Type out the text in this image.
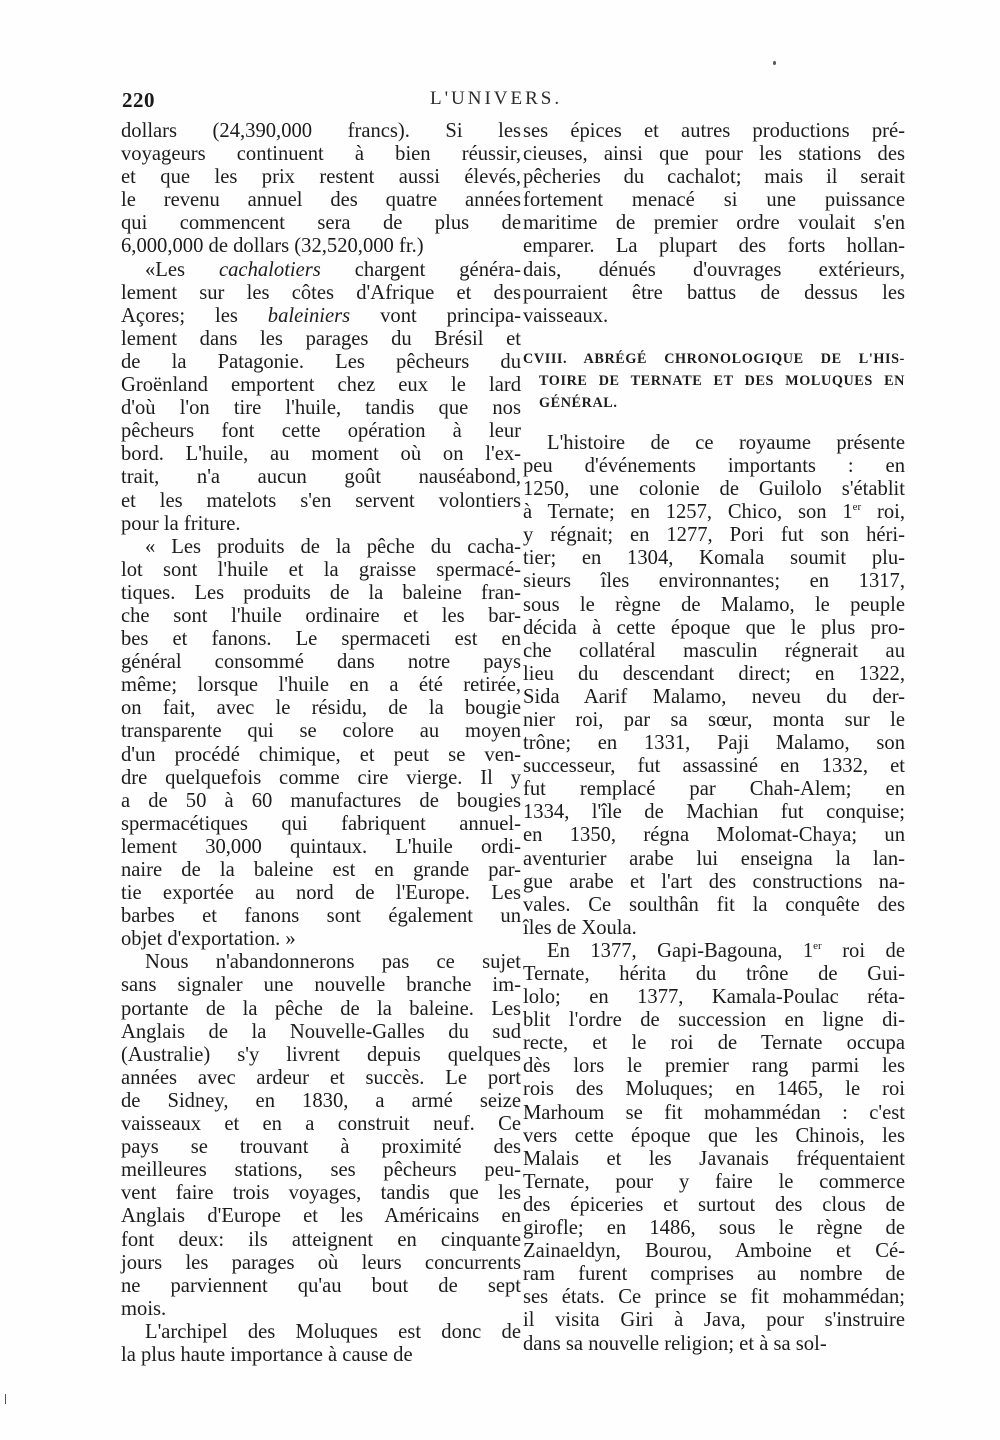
220	L'UNIVERS.
dollars (24,390,000 francs). Si les
voyageurs continuent à bien réussir,
et que les prix restent aussi élevés,
le revenu annuel des quatre années
qui commencent sera de plus de
6,000,000 de dollars (32,520,000 fr.)
«Les cachalotiers chargent généra-
lement sur les côtes d'Afrique et des
Açores; les baleiniers vont principa-
lement dans les parages du Brésil et
de la Patagonie. Les pêcheurs du
Groënland emportent chez eux le lard
d'où l'on tire l'huile, tandis que nos
pêcheurs font cette opération à leur
bord. L'huile, au moment où on l'ex-
trait, n'a aucun goût nauséabond,
et les matelots s'en servent volontiers
pour la friture.
« Les produits de la pêche du cacha-
lot sont l'huile et la graisse spermacé-
tiques. Les produits de la baleine fran-
che sont l'huile ordinaire et les bar-
bes et fanons. Le spermaceti est en
général consommé dans notre pays
même; lorsque l'huile en a été retirée,
on fait, avec le résidu, de la bougie
transparente qui se colore au moyen
d'un procédé chimique, et peut se ven-
dre quelquefois comme cire vierge. Il y
a de 50 à 60 manufactures de bougies
spermacétiques qui fabriquent annuel-
lement 30,000 quintaux. L'huile ordi-
naire de la baleine est en grande par-
tie exportée au nord de l'Europe. Les
barbes et fanons sont également un
objet d'exportation. »
Nous n'abandonnerons pas ce sujet
sans signaler une nouvelle branche im-
portante de la pêche de la baleine. Les
Anglais de la Nouvelle-Galles du sud
(Australie) s'y livrent depuis quelques
années avec ardeur et succès. Le port
de Sidney, en 1830, a armé seize
vaisseaux et en a construit neuf. Ce
pays se trouvant à proximité des
meilleures stations, ses pêcheurs peu-
vent faire trois voyages, tandis que les
Anglais d'Europe et les Américains en
font deux: ils atteignent en cinquante
jours les parages où leurs concurrents
ne parviennent qu'au bout de sept
mois.
L'archipel des Moluques est donc de
la plus haute importance à cause de
ses épices et autres productions pré-
cieuses, ainsi que pour les stations des
pêcheries du cachalot; mais il serait
fortement menacé si une puissance
maritime de premier ordre voulait s'en
emparer. La plupart des forts hollan-
dais, dénués d'ouvrages extérieurs,
pourraient être battus de dessus les
vaisseaux.
CVIII. ABRÉGÉ CHRONOLOGIQUE DE L'HIS-
TOIRE DE TERNATE ET DES MOLUQUES EN
GÉNÉRAL.
L'histoire de ce royaume présente
peu d'événements importants : en
1250, une colonie de Guilolo s'établit
à Ternate; en 1257, Chico, son 1er roi,
y régnait; en 1277, Pori fut son héri-
tier; en 1304, Komala soumit plu-
sieurs îles environnantes; en 1317,
sous le règne de Malamo, le peuple
décida à cette époque que le plus pro-
che collatéral masculin régnerait au
lieu du descendant direct; en 1322,
Sida Aarif Malamo, neveu du der-
nier roi, par sa sœur, monta sur le
trône; en 1331, Paji Malamo, son
successeur, fut assassiné en 1332, et
fut remplacé par Chah-Alem; en
1334, l'île de Machian fut conquise;
en 1350, régna Molomat-Chaya; un
aventurier arabe lui enseigna la lan-
gue arabe et l'art des constructions na-
vales. Ce soulthân fit la conquête des
îles de Xoula.
En 1377, Gapi-Bagouna, 1er roi de
Ternate, hérita du trône de Gui-
lolo; en 1377, Kamala-Poulac réta-
blit l'ordre de succession en ligne di-
recte, et le roi de Ternate occupa
dès lors le premier rang parmi les
rois des Moluques; en 1465, le roi
Marhoum se fit mohammédan : c'est
vers cette époque que les Chinois, les
Malais et les Javanais fréquentaient
Ternate, pour y faire le commerce
des épiceries et surtout des clous de
girofle; en 1486, sous le règne de
Zainaeldyn, Bourou, Amboine et Cé-
ram furent comprises au nombre de
ses états. Ce prince se fit mohammédan;
il visita Giri à Java, pour s'instruire
dans sa nouvelle religion; et à sa sol-
